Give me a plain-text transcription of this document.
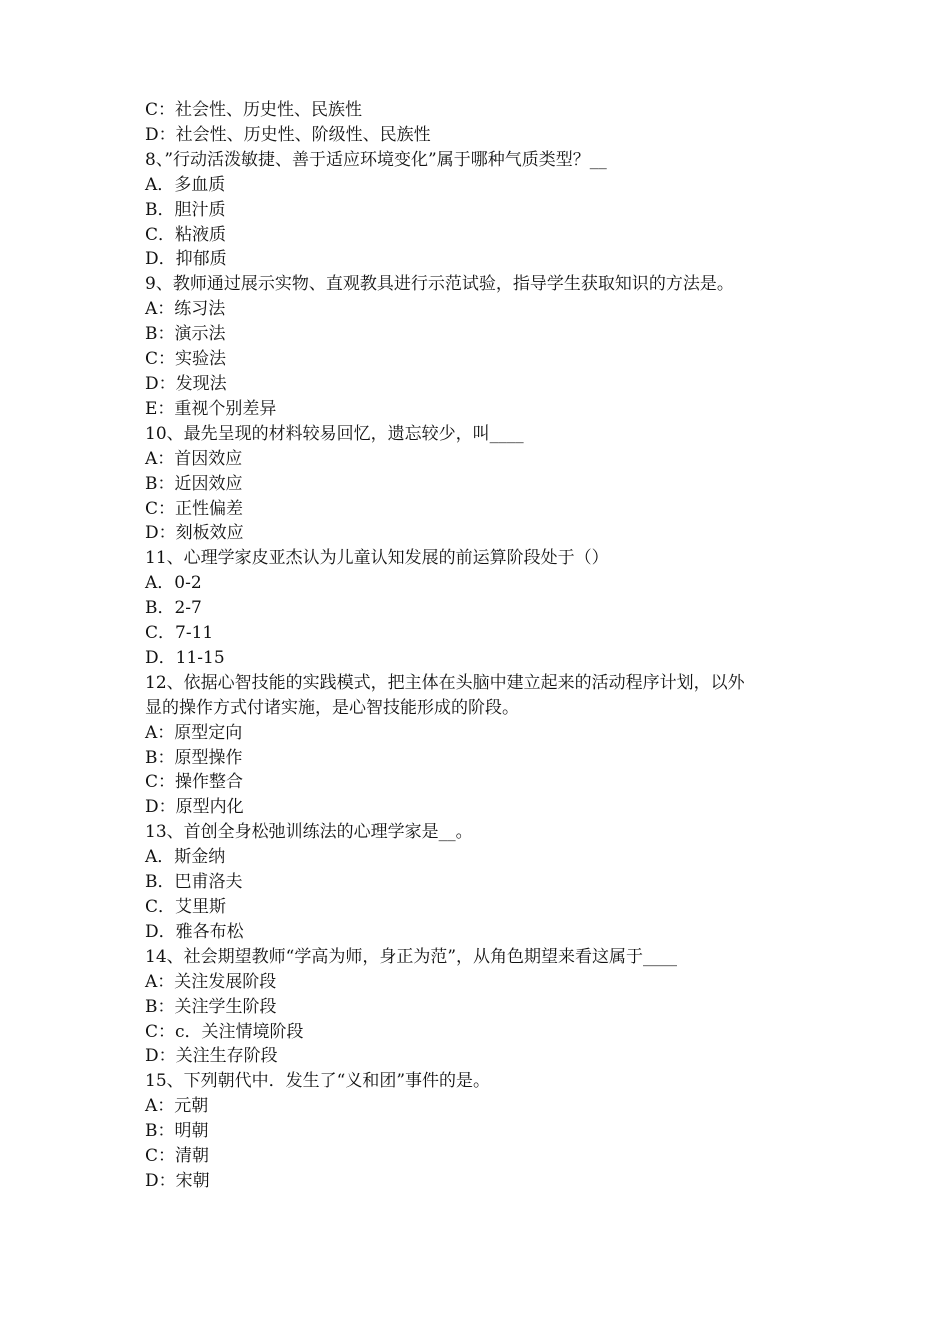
C：社会性、历史性、民族性
D：社会性、历史性、阶级性、民族性
8、”行动活泼敏捷、善于适应环境变化”属于哪种气质类型？__
A．多血质
B．胆汁质
C．粘液质
D．抑郁质
9、教师通过展示实物、直观教具进行示范试验，指导学生获取知识的方法是。
A：练习法
B：演示法
C：实验法
D：发现法
E：重视个别差异
10、最先呈现的材料较易回忆，遗忘较少，叫____
A：首因效应
B：近因效应
C：正性偏差
D：刻板效应
11、心理学家皮亚杰认为儿童认知发展的前运算阶段处于（）
A．0-2
B．2-7
C．7-11
D．11-15
12、依据心智技能的实践模式，把主体在头脑中建立起来的活动程序计划，以外
显的操作方式付诸实施，是心智技能形成的阶段。
A：原型定向
B：原型操作
C：操作整合
D：原型内化
13、首创全身松弛训练法的心理学家是__。
A．斯金纳
B．巴甫洛夫
C．艾里斯
D．雅各布松
14、社会期望教师“学高为师，身正为范”，从角色期望来看这属于____
A：关注发展阶段
B：关注学生阶段
C：c．关注情境阶段
D：关注生存阶段
15、下列朝代中．发生了“义和团”事件的是。
A：元朝
B：明朝
C：清朝
D：宋朝
